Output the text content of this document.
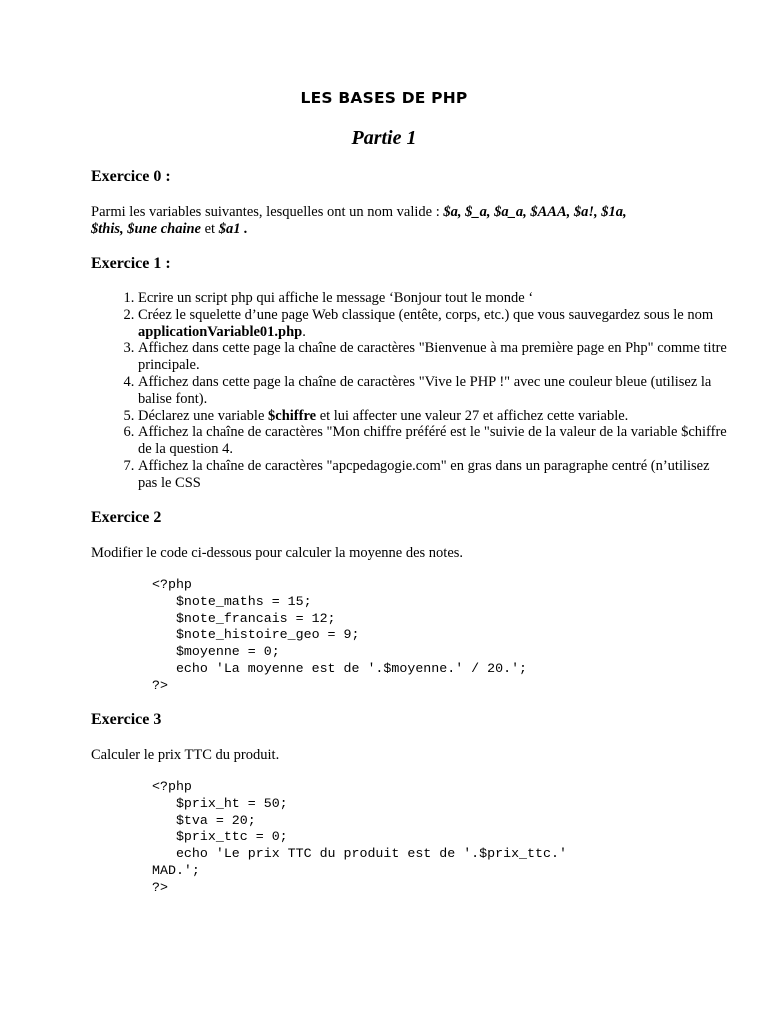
LES BASES DE PHP
Partie 1
Exercice 0 :
Parmi les variables suivantes, lesquelles ont un nom valide : $a, $_a, $a_a, $AAA, $a!, $1a,
$this, $une chaine et $a1 .
Exercice 1 :
1. Ecrire un script php qui affiche le message ‘Bonjour tout le monde ‘
2. Créez le squelette d’une page Web classique (entête, corps, etc.) que vous sauvegardez sous le nom applicationVariable01.php.
3. Affichez dans cette page la chaîne de caractères "Bienvenue à ma première page en Php" comme titre principale.
4. Affichez dans cette page la chaîne de caractères "Vive le PHP !" avec une couleur bleue (utilisez la balise font).
5. Déclarez une variable $chiffre et lui affecter une valeur 27 et affichez cette variable.
6. Affichez la chaîne de caractères "Mon chiffre préféré est le "suivie de la valeur de la variable $chiffre de la question 4.
7. Affichez la chaîne de caractères "apcpedagogie.com" en gras dans un paragraphe centré (n’utilisez pas le CSS
Exercice 2
Modifier le code ci-dessous pour calculer la moyenne des notes.
<?php
$note_maths = 15;
$note_francais = 12;
$note_histoire_geo = 9;
$moyenne = 0;
echo 'La moyenne est de '.$moyenne.' / 20.';
?>
Exercice 3
Calculer le prix TTC du produit.
<?php
$prix_ht = 50;
$tva = 20;
$prix_ttc = 0;
echo 'Le prix TTC du produit est de '.$prix_ttc.'
MAD.';
?>
